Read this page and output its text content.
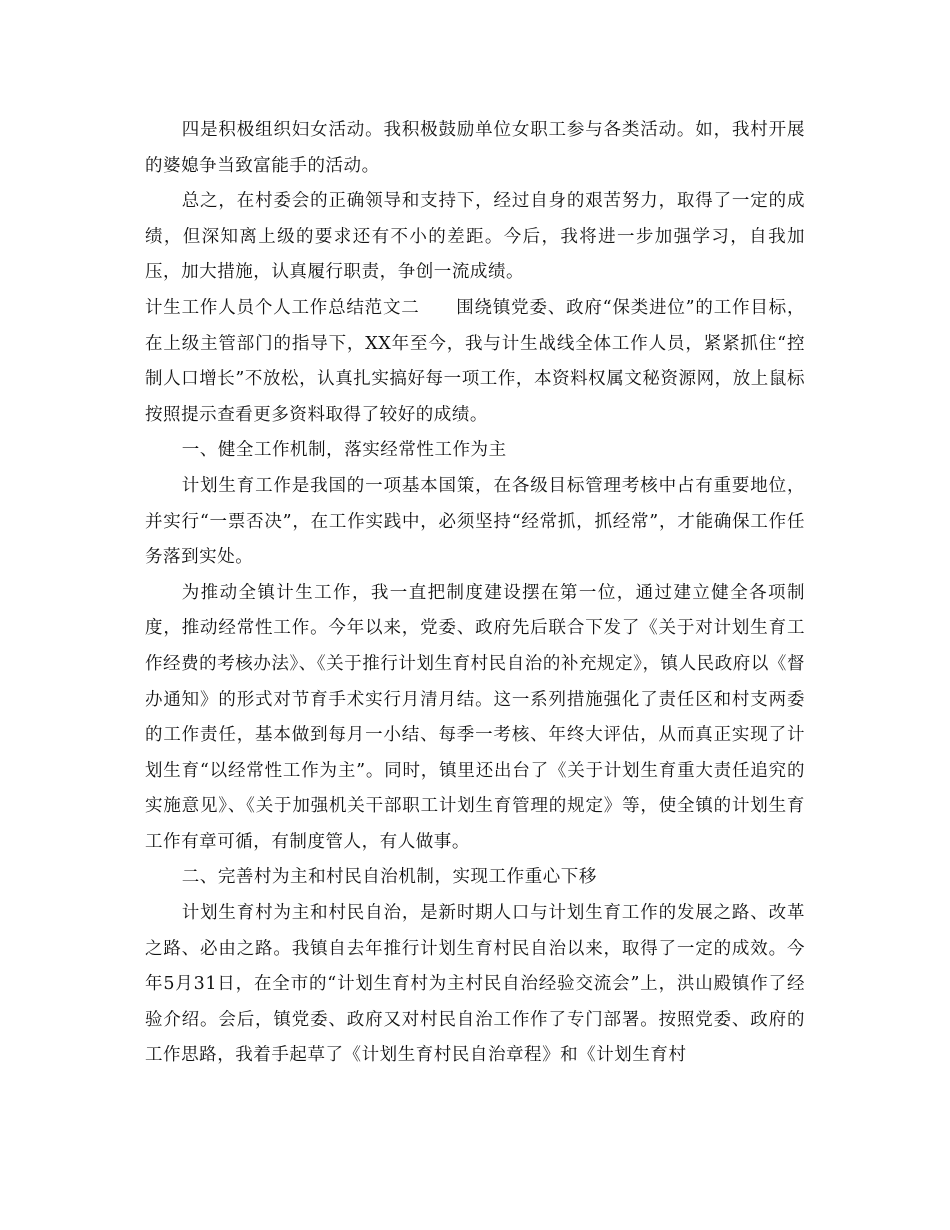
四是积极组织妇女活动。我积极鼓励单位女职工参与各类活动。如，我村开展的婆媳争当致富能手的活动。

总之，在村委会的正确领导和支持下，经过自身的艰苦努力，取得了一定的成绩，但深知离上级的要求还有不小的差距。今后，我将进一步加强学习，自我加压，加大措施，认真履行职责，争创一流成绩。

计生工作人员个人工作总结范文二　　围绕镇党委、政府“保类进位”的工作目标，在上级主管部门的指导下，XX年至今，我与计生战线全体工作人员，紧紧抓住“控制人口增长”不放松，认真扎实搞好每一项工作，本资料权属文秘资源网，放上鼠标按照提示查看更多资料取得了较好的成绩。

一、健全工作机制，落实经常性工作为主

计划生育工作是我国的一项基本国策，在各级目标管理考核中占有重要地位，并实行“一票否决”，在工作实践中，必须坚持“经常抓，抓经常”，才能确保工作任务落到实处。

为推动全镇计生工作，我一直把制度建设摆在第一位，通过建立健全各项制度，推动经常性工作。今年以来，党委、政府先后联合下发了《关于对计划生育工作经费的考核办法》、《关于推行计划生育村民自治的补充规定》，镇人民政府以《督办通知》的形式对节育手术实行月清月结。这一系列措施强化了责任区和村支两委的工作责任，基本做到每月一小结、每季一考核、年终大评估，从而真正实现了计划生育“以经常性工作为主”。同时，镇里还出台了《关于计划生育重大责任追究的实施意见》、《关于加强机关干部职工计划生育管理的规定》等，使全镇的计划生育工作有章可循，有制度管人，有人做事。

二、完善村为主和村民自治机制，实现工作重心下移

计划生育村为主和村民自治，是新时期人口与计划生育工作的发展之路、改革之路、必由之路。我镇自去年推行计划生育村民自治以来，取得了一定的成效。今年5月31日，在全市的“计划生育村为主村民自治经验交流会”上，洪山殿镇作了经验介绍。会后，镇党委、政府又对村民自治工作作了专门部署。按照党委、政府的工作思路，我着手起草了《计划生育村民自治章程》和《计划生育村
